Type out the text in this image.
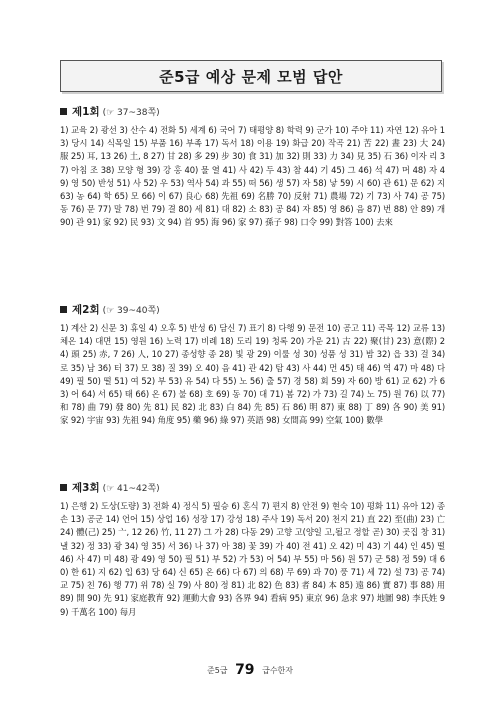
준5급 예상 문제 모범 답안
제1회 (☞ 37~38쪽)
1) 교육 2) 광선 3) 산수 4) 전화 5) 세계 6) 국어 7) 태평양 8) 학력 9) 군가 10) 주야 11) 자연 12) 유아 13) 당시 14) 식목일 15) 부품 16) 부족 17) 독서 18) 이용 19) 화급 20) 작곡 21) 苦 22) 晝 23) 大 24) 服 25) 耳, 13 26) 土, 8 27) 甘 28) 多 29) 步 30) 食 31) 加 32) 則 33) 力 34) 見 35) 石 36) 이자 리 37) 아침 조 38) 모양 형 39) 강 홍 40) 물 열 41) 사 42) 두 43) 참 44) 기 45) 그 46) 석 47) 머 48) 자 49) 영 50) 반성 51) 사 52) 우 53) 역사 54) 과 55) 떠 56) 생 57) 자 58) 낳 59) 시 60) 관 61) 문 62) 지 63) 농 64) 학 65) 모 66) 이 67) 良心 68) 先祖 69) 名勝 70) 反射 71) 農場 72) 기 73) 사 74) 공 75) 동 76) 문 77) 말 78) 번 79) 결 80) 세 81) 대 82) 소 83) 공 84) 자 85) 영 86) 음 87) 번 88) 안 89) 개 90) 관 91) 家 92) 民 93) 文 94) 首 95) 海 96) 家 97) 孫子 98) 口令 99) 對答 100) 去來
제2회 (☞ 39~40쪽)
1) 계산 2) 신문 3) 휴일 4) 오후 5) 반성 6) 담신 7) 표기 8) 다행 9) 문전 10) 공고 11) 곡목 12) 교류 13) 체온 14) 대면 15) 영원 16) 노력 17) 비례 18) 도리 19) 청록 20) 가운 21) 古 22) 聚(甘) 23) 意(際) 24) 頭 25) 赤, 7 26) 人, 10 27) 종성향 종 28) 빛 광 29) 이룰 성 30) 성품 성 31) 밤 32) 읍 33) 걸 34) 로 35) 남 36) 터 37) 모 38) 질 39) 오 40) 음 41) 관 42) 탐 43) 사 44) 먼 45) 태 46) 역 47) 마 48) 다 49) 필 50) 떨 51) 여 52) 부 53) 유 54) 다 55) 노 56) 출 57) 경 58) 회 59) 자 60) 방 61) 교 62) 가 63) 어 64) 서 65) 태 66) 온 67) 불 68) 호 69) 동 70) 대 71) 봄 72) 가 73) 길 74) 노 75) 원 76) 以 77) 和 78) 曲 79) 發 80) 先 81) 民 82) 北 83) 白 84) 先 85) 石 86) 明 87) 東 88) 丁 89) 各 90) 美 91) 家 92) 宇宙 93) 先祖 94) 角度 95) 藥 96) 綠 97) 英語 98) 女間高 99) 空氣 100) 數學
제3회 (☞ 41~42쪽)
1) 은행 2) 도상(도량) 3) 전화 4) 정식 5) 필승 6) 혼식 7) 편지 8) 안전 9) 현숙 10) 평화 11) 유아 12) 종손 13) 공군 14) 언어 15) 상업 16) 성장 17) 강성 18) 주사 19) 독서 20) 천지 21) 直 22) 至(曲) 23) 亡 24) 體(己) 25) 亠, 12 26) 竹, 11 27) 그 가 28) 다동 29) 고향 고(양일 고,될고 정할 곧) 30) 곳집 창 31) 낼 32) 정 33) 광 34) 영 35) 서 36) 나 37) 아 38) 꽃 39) 가 40) 전 41) 오 42) 미 43) 기 44) 인 45) 떨 46) 사 47) 미 48) 광 49) 영 50) 필 51) 부 52) 가 53) 어 54) 부 55) 마 56) 원 57) 군 58) 정 59) 대 60) 한 61) 지 62) 입 63) 당 64) 신 65) 온 66) 다 67) 의 68) 무 69) 과 70) 풍 71) 세 72) 설 73) 공 74) 교 75) 친 76) 행 77) 위 78) 실 79) 사 80) 정 81) 北 82) 色 83) 者 84) 本 85) 遠 86) 實 87) 事 88) 用 89) 開 90) 先 91) 家庭教育 92) 運動大會 93) 各界 94) 看病 95) 東京 96) 急求 97) 地圖 98) 李氏姓 99) 千萬名 100) 每月
준5급 79 급수한자
